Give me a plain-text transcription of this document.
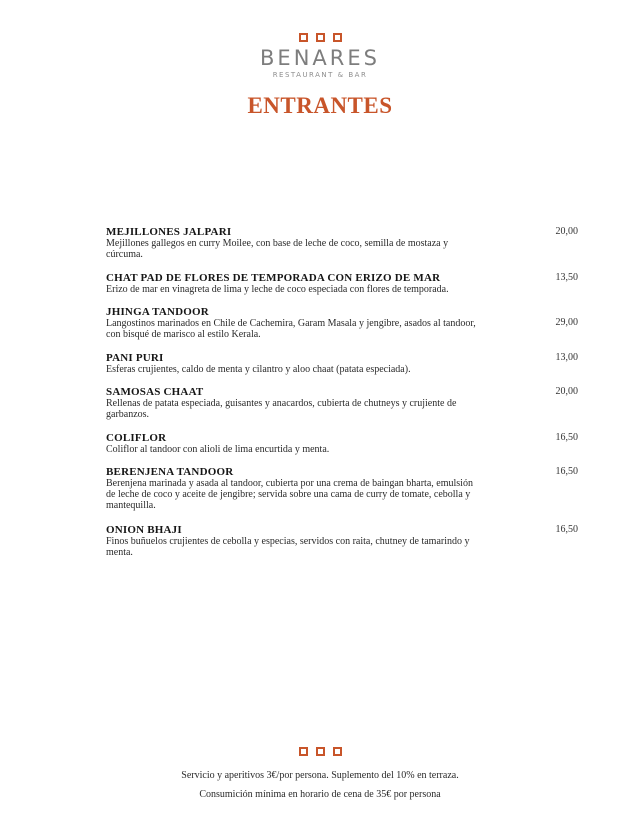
BENARES
RESTAURANT & BAR
ENTRANTES
MEJILLONES JALPARI
Mejillones gallegos en curry Moilee, con base de leche de coco, semilla de mostaza y cúrcuma.
20,00
CHAT PAD DE FLORES DE TEMPORADA CON ERIZO DE MAR
Erizo de mar en vinagreta de lima y leche de coco especiada con flores de temporada.
13,50
JHINGA TANDOOR
Langostinos marinados en Chile de Cachemira, Garam Masala y jengibre, asados al tandoor, con bisqué de marisco al estilo Kerala.
29,00
PANI PURI
Esferas crujientes, caldo de menta y cilantro y aloo chaat (patata especiada).
13,00
SAMOSAS CHAAT
Rellenas de patata especiada, guisantes y anacardos, cubierta de chutneys y crujiente de garbanzos.
20,00
COLIFLOR
Coliflor al tandoor con alioli de lima encurtida y menta.
16,50
BERENJENA TANDOOR
Berenjena marinada y asada al tandoor, cubierta por una crema de baingan bharta, emulsión de leche de coco y aceite de jengibre; servida sobre una cama de curry de tomate, cebolla y mantequilla.
16,50
ONION BHAJI
Finos buñuelos crujientes de cebolla y especias, servidos con raita, chutney de tamarindo y menta.
16,50
Servicio y aperitivos 3€/por persona. Suplemento del 10% en terraza.
Consumición mínima en horario de cena de 35€ por persona
